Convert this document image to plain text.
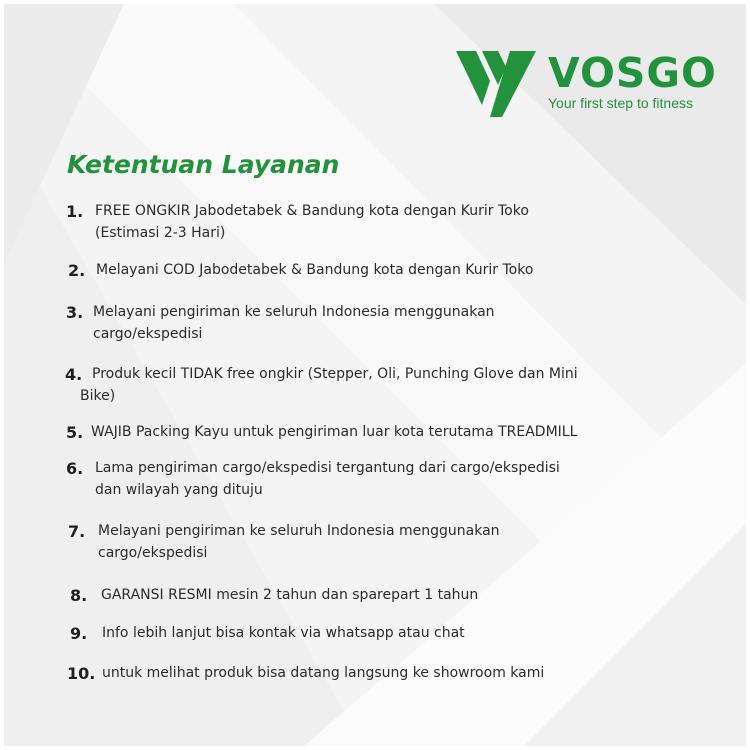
VOSGO
Your first step to fitness
Ketentuan Layanan
1. FREE ONGKIR Jabodetabek & Bandung kota dengan Kurir Toko
(Estimasi 2-3 Hari)
2. Melayani COD Jabodetabek & Bandung kota dengan Kurir Toko
3. Melayani pengiriman ke seluruh Indonesia menggunakan
cargo/ekspedisi
4. Produk kecil TIDAK free ongkir (Stepper, Oli, Punching Glove dan Mini
Bike)
5. WAJIB Packing Kayu untuk pengiriman luar kota terutama TREADMILL
6. Lama pengiriman cargo/ekspedisi tergantung dari cargo/ekspedisi
dan wilayah yang dituju
7. Melayani pengiriman ke seluruh Indonesia menggunakan
cargo/ekspedisi
8. GARANSI RESMI mesin 2 tahun dan sparepart 1 tahun
9. Info lebih lanjut bisa kontak via whatsapp atau chat
10. untuk melihat produk bisa datang langsung ke showroom kami
